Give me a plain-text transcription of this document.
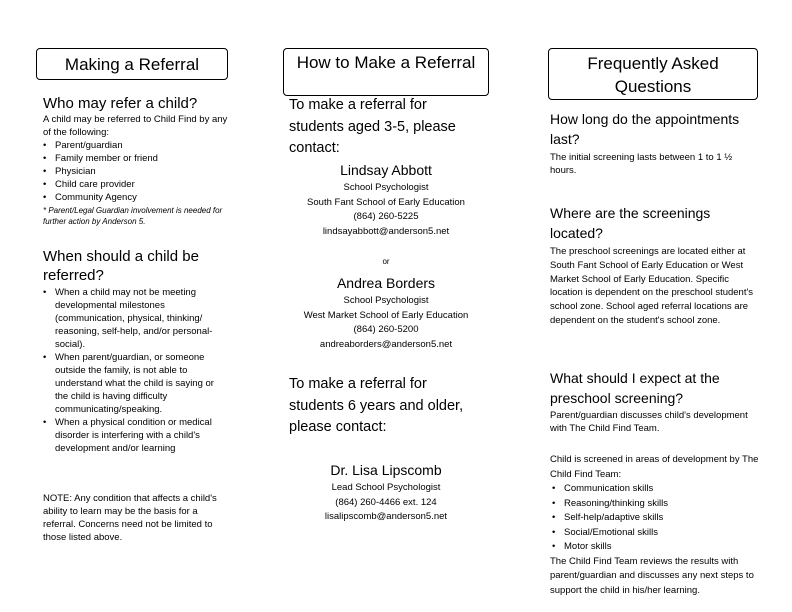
Making a Referral
Who may refer a child?
A child may be referred to Child Find by any of the following:
• Parent/guardian
• Family member or friend
• Physician
• Child care provider
• Community Agency
* Parent/Legal Guardian involvement is needed for further action by Anderson 5.
When should a child be referred?
• When a child may not be meeting developmental milestones (communication, physical, thinking/ reasoning, self-help, and/or personal-social).
• When parent/guardian, or someone outside the family, is not able to understand what the child is saying or the child is having difficulty communicating/speaking.
• When a physical condition or medical disorder is interfering with a child's development and/or learning
NOTE: Any condition that affects a child's ability to learn may be the basis for a referral. Concerns need not be limited to those listed above.
How to Make a Referral
To make a referral for students aged 3-5, please contact:
Lindsay Abbott
School Psychologist
South Fant School of Early Education
(864) 260-5225
lindsayabbott@anderson5.net
or
Andrea Borders
School Psychologist
West Market School of Early Education
(864) 260-5200
andreaborders@anderson5.net
To make a referral for students 6 years and older, please contact:
Dr. Lisa Lipscomb
Lead School Psychologist
(864) 260-4466 ext. 124
lisalipscomb@anderson5.net
Frequently Asked Questions
How long do the appointments last?
The initial screening lasts between 1 to 1 ½ hours.
Where are the screenings located?
The preschool screenings are located either at South Fant School of Early Education or West Market School of Early Education. Specific location is dependent on the preschool student's school zone. School aged referral locations are dependent on the student's school zone.
What should I expect at the preschool screening?
Parent/guardian discusses child's development with The Child Find Team.
Child is screened in areas of development by The Child Find Team:
• Communication skills
• Reasoning/thinking skills
• Self-help/adaptive skills
• Social/Emotional skills
• Motor skills
The Child Find Team reviews the results with parent/guardian and discusses any next steps to support the child in his/her learning.
